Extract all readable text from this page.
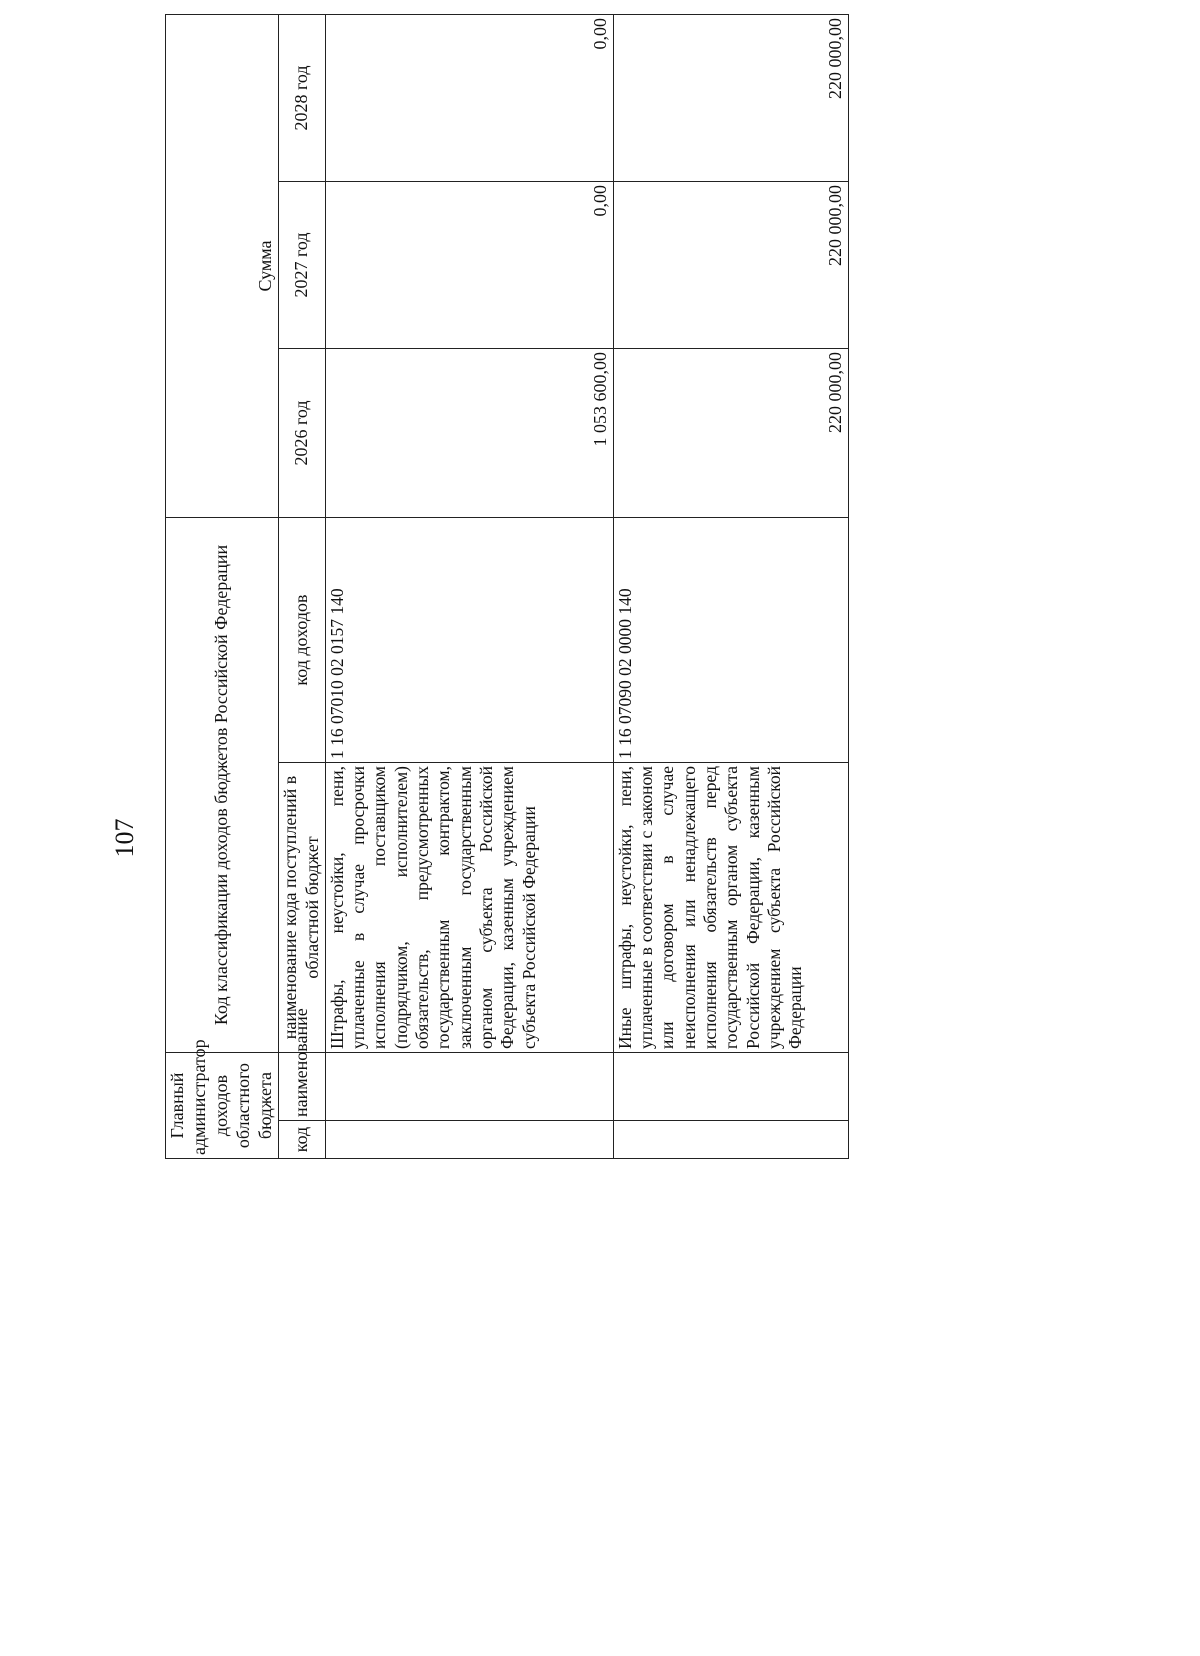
107
Главный администратор доходов областного бюджета		Код классификации доходов бюджетов Российской Федерации		Сумма		
код	наименование	наименование кода поступлений в областной бюджет	код доходов	2026 год	2027 год	2028 год
		Штрафы, неустойки, пени, уплаченные в случае просрочки исполнения поставщиком (подрядчиком, исполнителем) обязательств, предусмотренных государственным контрактом, заключенным государственным органом субъекта Российской Федерации, казенным учреждением субъекта Российской Федерации	1 16 07010 02 0157 140	1 053 600,00	0,00	0,00
		Иные штрафы, неустойки, пени, уплаченные в соответствии с законом или договором в случае неисполнения или ненадлежащего исполнения обязательств перед государственным органом субъекта Российской Федерации, казенным учреждением субъекта Российской Федерации	1 16 07090 02 0000 140	220 000,00	220 000,00	220 000,00
